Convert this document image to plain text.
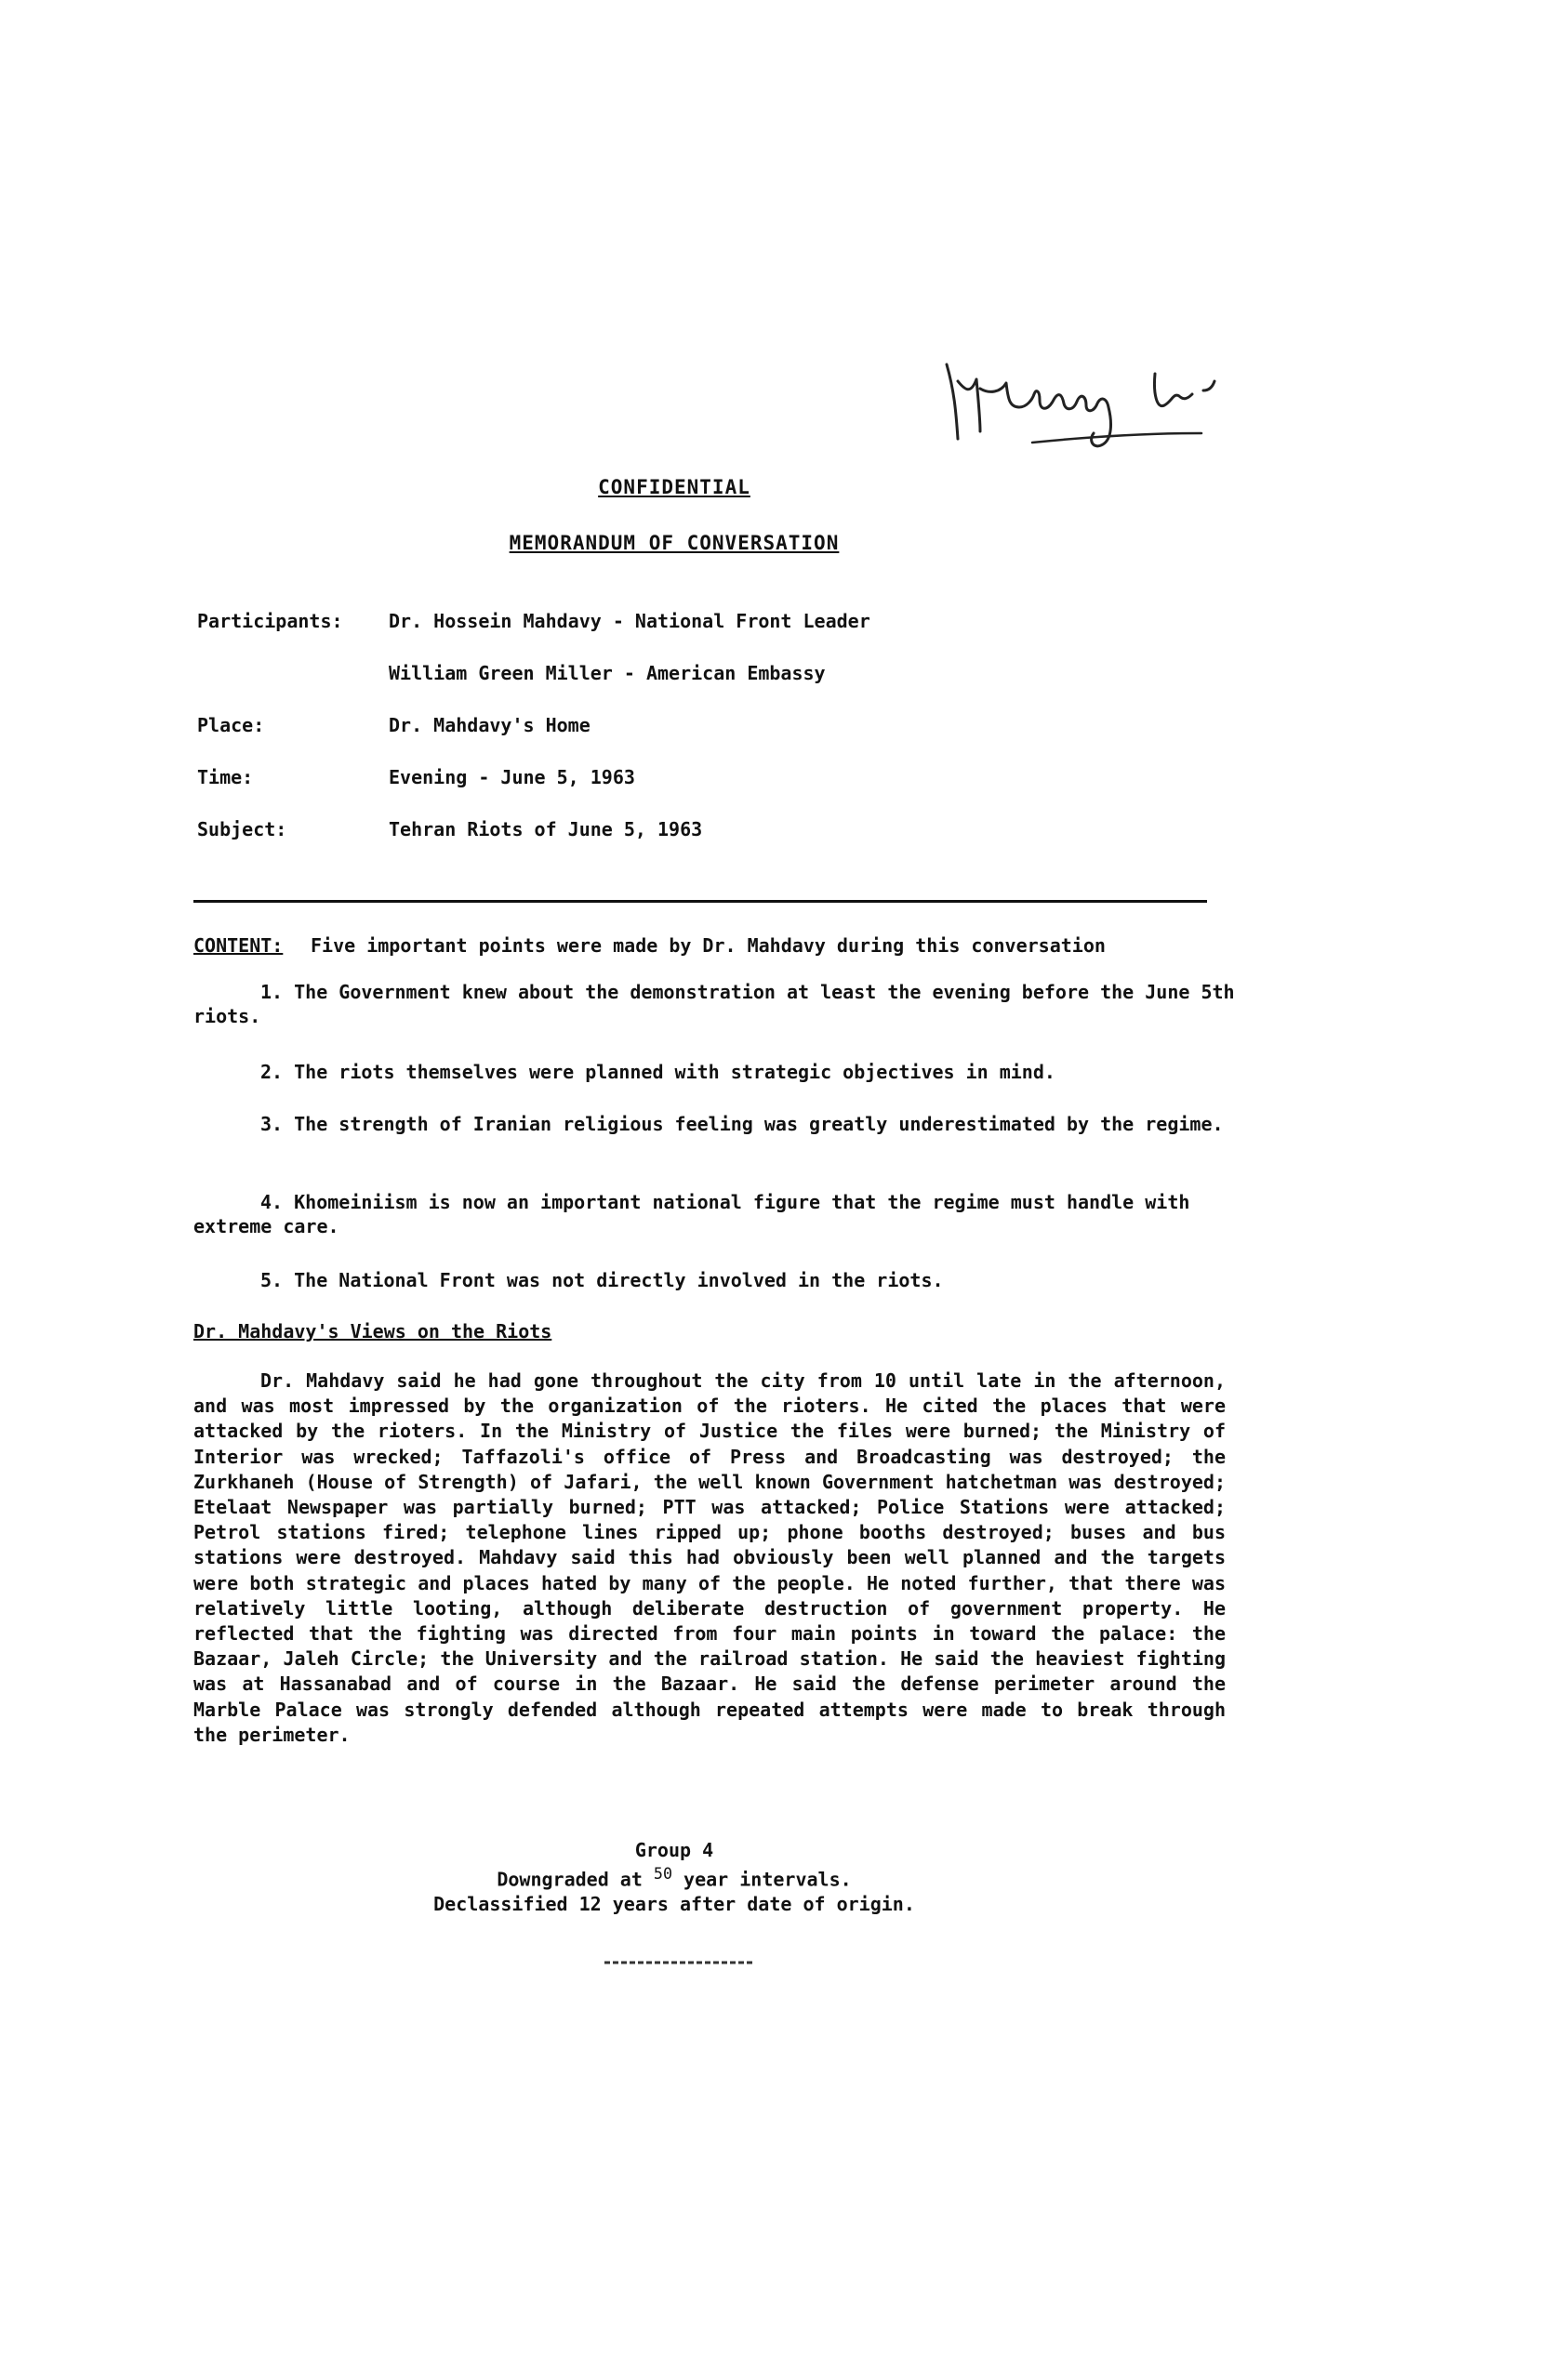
CONFIDENTIAL
MEMORANDUM OF CONVERSATION
Participants: Dr. Hossein Mahdavy - National Front Leader
William Green Miller - American Embassy
Place:	Dr. Mahdavy's Home
Time:	Evening - June 5, 1963
Subject:	Tehran Riots of June 5, 1963
CONTENT: Five important points were made by Dr. Mahdavy during this conversation
1. The Government knew about the demonstration at least the evening before the June 5th riots.
2. The riots themselves were planned with strategic objectives in mind.
3. The strength of Iranian religious feeling was greatly underestimated by the regime.
4. Khomeiniism is now an important national figure that the regime must handle with extreme care.
5. The National Front was not directly involved in the riots.
Dr. Mahdavy's Views on the Riots
Dr. Mahdavy said he had gone throughout the city from 10 until late in the afternoon, and was most impressed by the organization of the rioters. He cited the places that were attacked by the rioters. In the Ministry of Justice the files were burned; the Ministry of Interior was wrecked; Taffazoli's office of Press and Broadcasting was destroyed; the Zurkhaneh (House of Strength) of Jafari, the well known Government hatchetman was destroyed; Etelaat Newspaper was partially burned; PTT was attacked; Police Stations were attacked; Petrol stations fired; telephone lines ripped up; phone booths destroyed; buses and bus stations were destroyed. Mahdavy said this had obviously been well planned and the targets were both strategic and places hated by many of the people. He noted further, that there was relatively little looting, although deliberate destruction of government property. He reflected that the fighting was directed from four main points in toward the palace: the Bazaar, Jaleh Circle; the University and the railroad station. He said the heaviest fighting was at Hassanabad and of course in the Bazaar. He said the defense perimeter around the Marble Palace was strongly defended although repeated attempts were made to break through the perimeter.
Group 4
Downgraded at $^{50}$ year intervals.
Declassified 12 years after date of origin.
